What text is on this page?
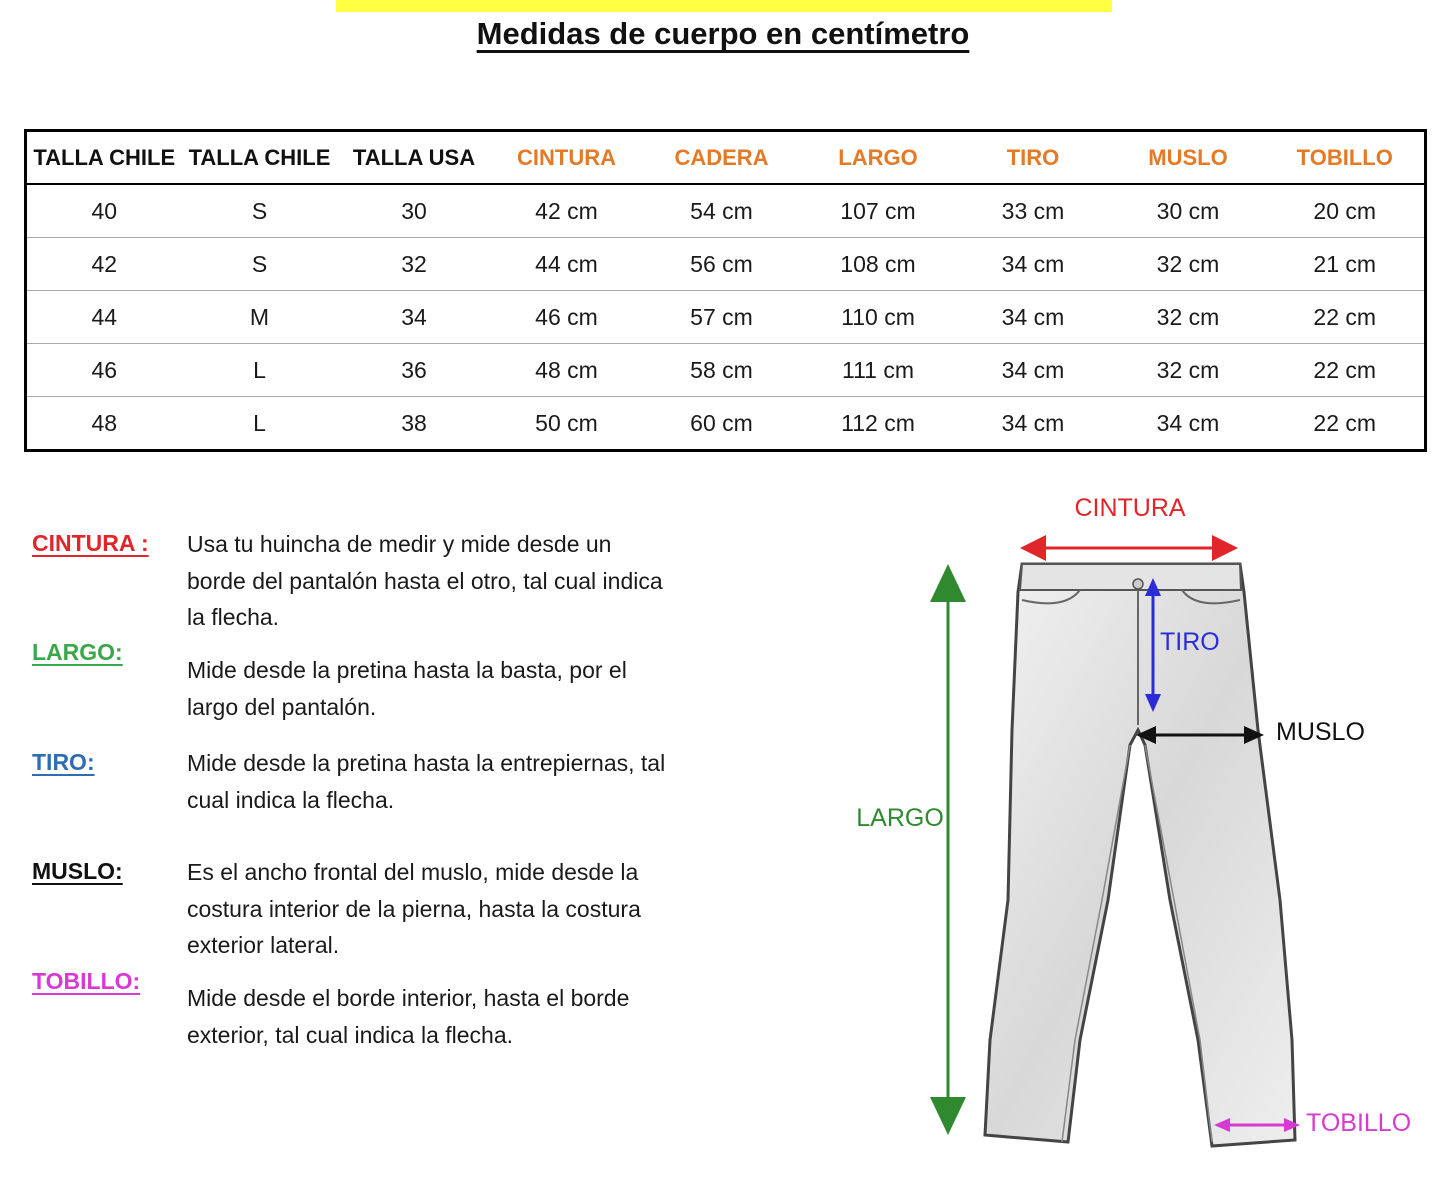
Medidas de cuerpo en centímetro
TALLA CHILE	TALLA CHILE	TALLA USA	CINTURA	CADERA	LARGO	TIRO	MUSLO	TOBILLO
40	S	30	42 cm	54 cm	107 cm	33 cm	30 cm	20 cm
42	S	32	44 cm	56 cm	108 cm	34 cm	32 cm	21 cm
44	M	34	46 cm	57 cm	110 cm	34 cm	32 cm	22 cm
46	L	36	48 cm	58 cm	111 cm	34 cm	32 cm	22 cm
48	L	38	50 cm	60 cm	112 cm	34 cm	34 cm	22 cm
CINTURA : Usa tu huincha de medir y mide desde un borde del pantalón hasta el otro, tal cual indica la flecha.
LARGO:
Mide desde la pretina hasta la basta, por el largo del pantalón.
TIRO:	Mide desde la pretina hasta la entrepiernas, tal cual indica la flecha.
MUSLO:	Es el ancho frontal del muslo, mide desde la costura interior de la pierna, hasta la costura exterior lateral.
TOBILLO:
Mide desde el borde interior, hasta el borde exterior, tal cual indica la flecha.
CINTURA
LARGO
TIRO
MUSLO
TOBILLO
